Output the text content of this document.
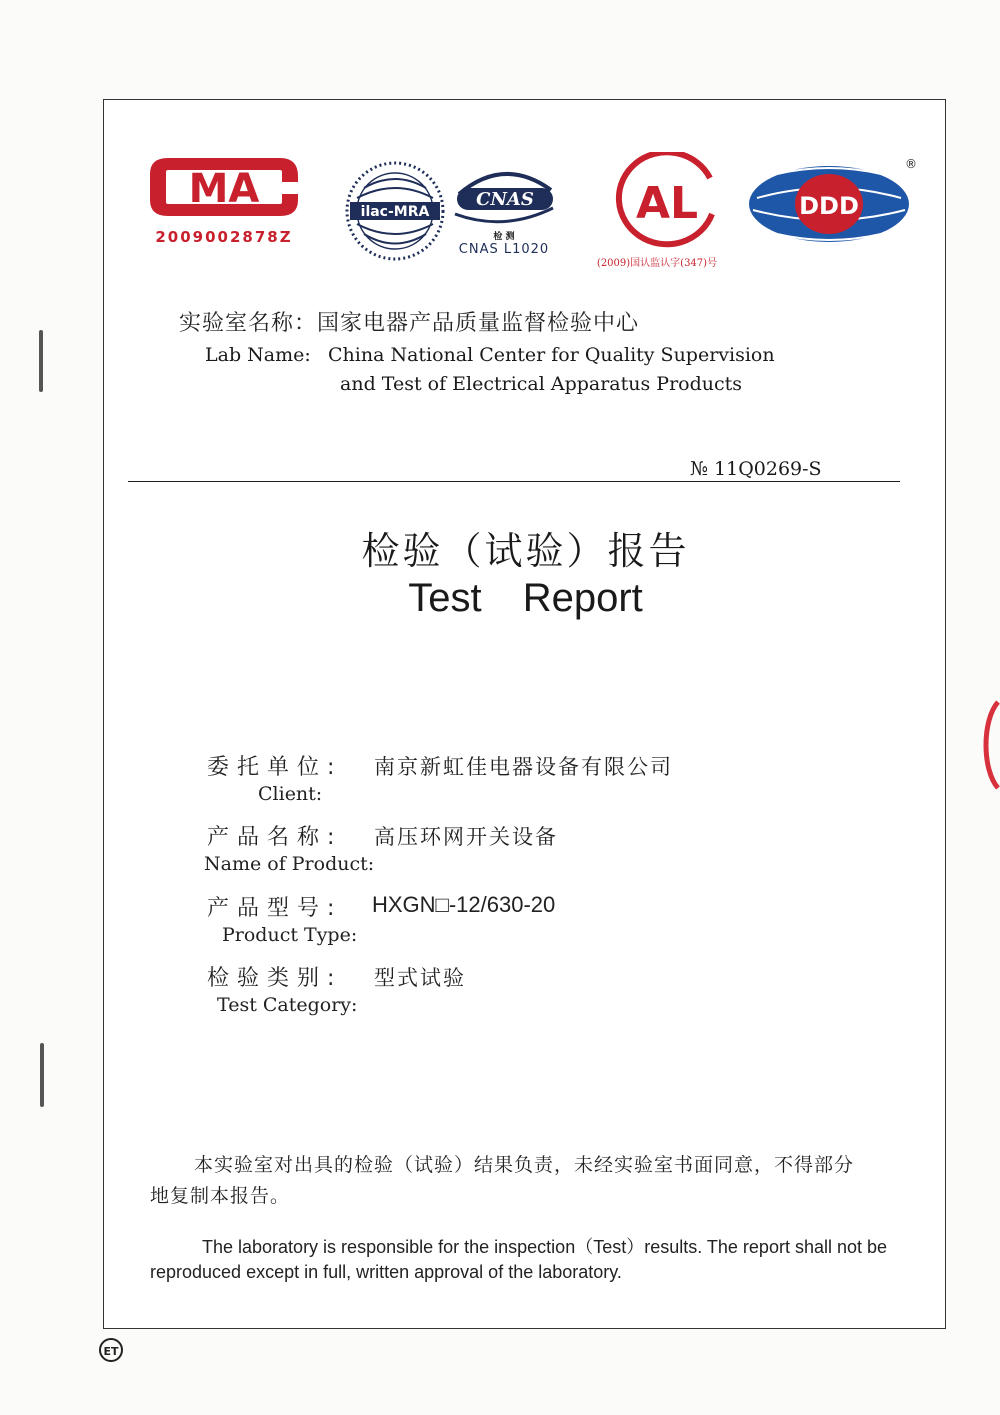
MA
2009002878Z
ilac-MRA
CNAS
检 测
CNAS L1020
AL
(2009)国认监认字(347)号
DDD
®
实验室名称：国家电器产品质量监督检验中心
Lab Name: China National Center for Quality Supervision
and Test of Electrical Apparatus Products
№ 11Q0269-S
检验（试验）报告
Test Report
委托单位: 南京新虹佳电器设备有限公司
Client:
产品名称: 高压环网开关设备
Name of Product:
产品型号: HXGN□-12/630-20
Product Type:
检验类别: 型式试验
Test Category:
本实验室对出具的检验（试验）结果负责，未经实验室书面同意，不得部分地复制本报告。
The laboratory is responsible for the inspection（Test）results. The report shall not be reproduced except in full, written approval of the laboratory.
ET
